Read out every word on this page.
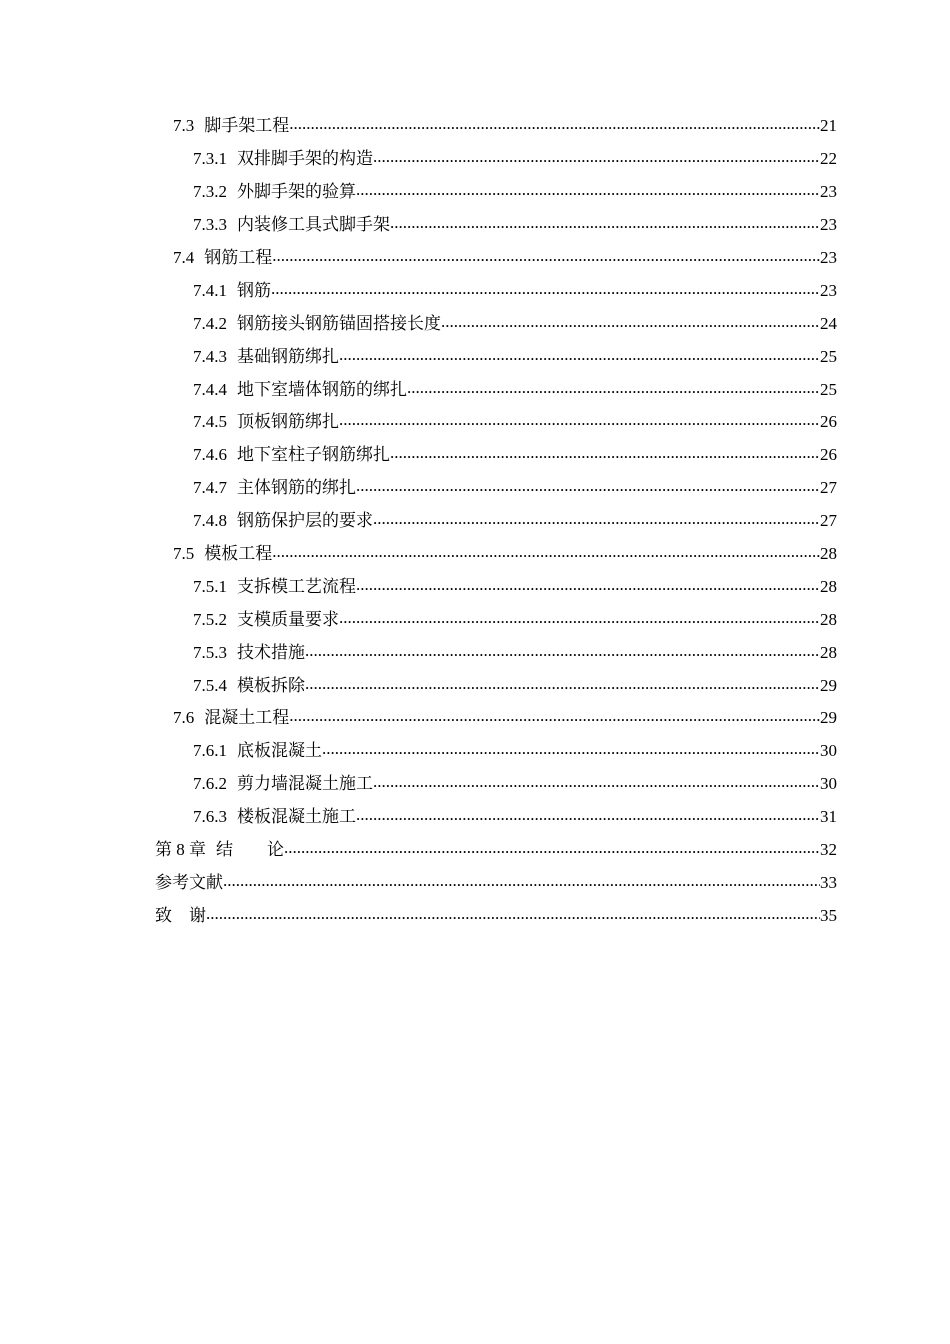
7.3 脚手架工程 .....	21
7.3.1 双排脚手架的构造 .....	22
7.3.2 外脚手架的验算 .....	23
7.3.3 内装修工具式脚手架 .....	23
7.4 钢筋工程 .....	23
7.4.1 钢筋 .....	23
7.4.2 钢筋接头钢筋锚固搭接长度 .....	24
7.4.3 基础钢筋绑扎 .....	25
7.4.4 地下室墙体钢筋的绑扎 .....	25
7.4.5 顶板钢筋绑扎 .....	26
7.4.6 地下室柱子钢筋绑扎 .....	26
7.4.7 主体钢筋的绑扎 .....	27
7.4.8 钢筋保护层的要求 .....	27
7.5 模板工程 .....	28
7.5.1 支拆模工艺流程 .....	28
7.5.2 支模质量要求 .....	28
7.5.3 技术措施 .....	28
7.5.4 模板拆除 .....	29
7.6 混凝土工程 .....	29
7.6.1 底板混凝土 .....	30
7.6.2 剪力墙混凝土施工 .....	30
7.6.3 楼板混凝土施工 .....	31
第 8 章 结　　论 .....	32
参考文献 .....	33
致　谢 .....	35
